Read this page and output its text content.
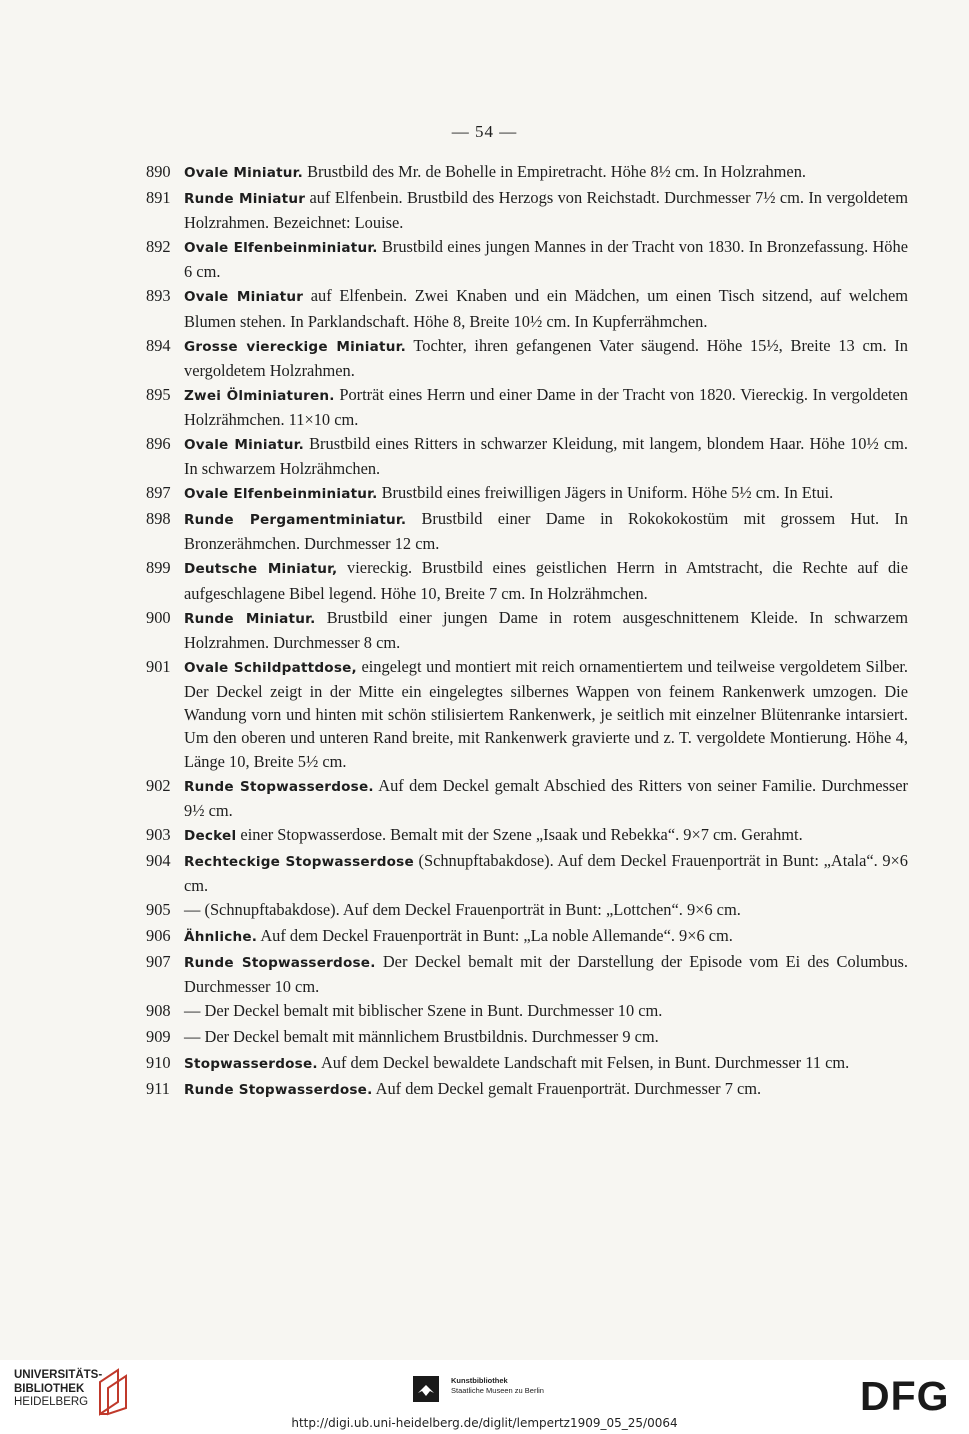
— 54 —
890 Ovale Miniatur. Brustbild des Mr. de Bohelle in Empiretracht. Höhe 8½ cm. In Holzrahmen.
891 Runde Miniatur auf Elfenbein. Brustbild des Herzogs von Reichstadt. Durchmesser 7½ cm. In vergoldetem Holzrahmen. Bezeichnet: Louise.
892 Ovale Elfenbeinminiatur. Brustbild eines jungen Mannes in der Tracht von 1830. In Bronzefassung. Höhe 6 cm.
893 Ovale Miniatur auf Elfenbein. Zwei Knaben und ein Mädchen, um einen Tisch sitzend, auf welchem Blumen stehen. In Parklandschaft. Höhe 8, Breite 10½ cm. In Kupferrähmchen.
894 Grosse viereckige Miniatur. Tochter, ihren gefangenen Vater säugend. Höhe 15½, Breite 13 cm. In vergoldetem Holzrahmen.
895 Zwei Ölminiaturen. Porträt eines Herrn und einer Dame in der Tracht von 1820. Viereckig. In vergoldeten Holzrähmchen. 11×10 cm.
896 Ovale Miniatur. Brustbild eines Ritters in schwarzer Kleidung, mit langem, blondem Haar. Höhe 10½ cm. In schwarzem Holzrähmchen.
897 Ovale Elfenbeinminiatur. Brustbild eines freiwilligen Jägers in Uniform. Höhe 5½ cm. In Etui.
898 Runde Pergamentminiatur. Brustbild einer Dame in Rokokokostüm mit grossem Hut. In Bronzerähmchen. Durchmesser 12 cm.
899 Deutsche Miniatur, viereckig. Brustbild eines geistlichen Herrn in Amtstracht, die Rechte auf die aufgeschlagene Bibel legend. Höhe 10, Breite 7 cm. In Holzrähmchen.
900 Runde Miniatur. Brustbild einer jungen Dame in rotem ausgeschnittenem Kleide. In schwarzem Holzrahmen. Durchmesser 8 cm.
901 Ovale Schildpattdose, eingelegt und montiert mit reich ornamentiertem und teilweise vergoldetem Silber. Der Deckel zeigt in der Mitte ein eingelegtes silbernes Wappen von feinem Rankenwerk umzogen. Die Wandung vorn und hinten mit schön stilisiertem Rankenwerk, je seitlich mit einzelner Blütenranke intarsiert. Um den oberen und unteren Rand breite, mit Rankenwerk gravierte und z. T. vergoldete Montierung. Höhe 4, Länge 10, Breite 5½ cm.
902 Runde Stopwasserdose. Auf dem Deckel gemalt Abschied des Ritters von seiner Familie. Durchmesser 9½ cm.
903 Deckel einer Stopwasserdose. Bemalt mit der Szene „Isaak und Rebekka“. 9×7 cm. Gerahmt.
904 Rechteckige Stopwasserdose (Schnupftabakdose). Auf dem Deckel Frauenporträt in Bunt: „Atala“. 9×6 cm.
905 — (Schnupftabakdose). Auf dem Deckel Frauenporträt in Bunt: „Lottchen“. 9×6 cm.
906 Ähnliche. Auf dem Deckel Frauenporträt in Bunt: „La noble Allemande“. 9×6 cm.
907 Runde Stopwasserdose. Der Deckel bemalt mit der Darstellung der Episode vom Ei des Columbus. Durchmesser 10 cm.
908 — Der Deckel bemalt mit biblischer Szene in Bunt. Durchmesser 10 cm.
909 — Der Deckel bemalt mit männlichem Brustbildnis. Durchmesser 9 cm.
910 Stopwasserdose. Auf dem Deckel bewaldete Landschaft mit Felsen, in Bunt. Durchmesser 11 cm.
911	Runde Stopwasserdose. Auf dem Deckel gemalt Frauenporträt. Durchmesser 7 cm.
UNIVERSITÄTS-
BIBLIOTHEK
HEIDELBERG
Kunstbibliothek
Staatliche Museen zu Berlin	DFG
http://digi.ub.uni-heidelberg.de/diglit/lempertz1909_05_25/0064
